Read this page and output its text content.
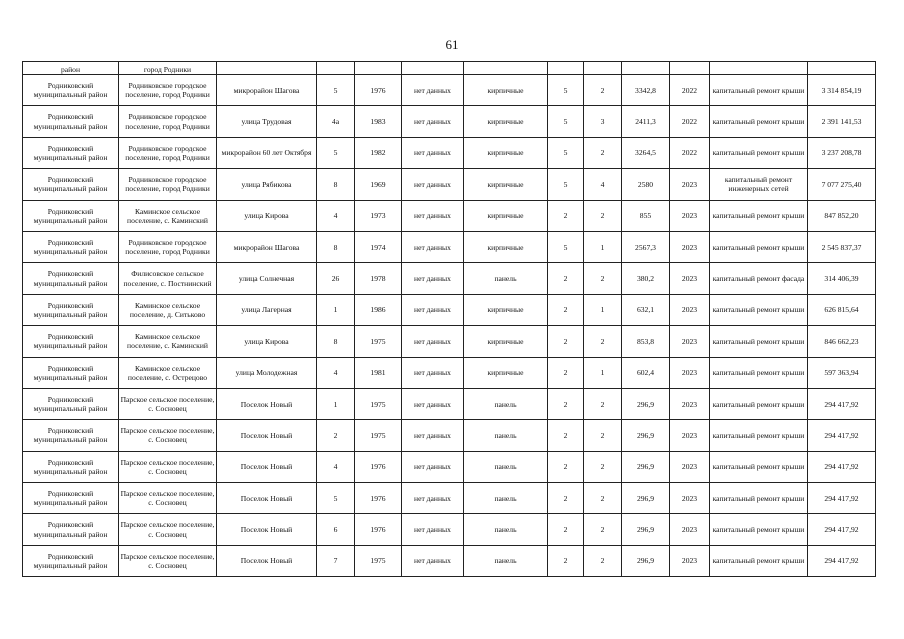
61
район	город Родники											
Родниковский муниципальный район	Родниковское городское поселение, город Родники	микрорайон Шагова	5	1976	нет данных	кирпичные	5	2	3342,8	2022	капитальный ремонт крыши	3 314 854,19
Родниковский муниципальный район	Родниковское городское поселение, город Родники	улица Трудовая	4а	1983	нет данных	кирпичные	5	3	2411,3	2022	капитальный ремонт крыши	2 391 141,53
Родниковский муниципальный район	Родниковское городское поселение, город Родники	микрорайон 60 лет Октября	5	1982	нет данных	кирпичные	5	2	3264,5	2022	капитальный ремонт крыши	3 237 208,78
Родниковский муниципальный район	Родниковское городское поселение, город Родники	улица Рябикова	8	1969	нет данных	кирпичные	5	4	2580	2023	капитальный ремонт инженерных сетей	7 077 275,40
Родниковский муниципальный район	Каминское сельское поселение, с. Каминский	улица Кирова	4	1973	нет данных	кирпичные	2	2	855	2023	капитальный ремонт крыши	847 852,20
Родниковский муниципальный район	Родниковское городское поселение, город Родники	микрорайон Шагова	8	1974	нет данных	кирпичные	5	1	2567,3	2023	капитальный ремонт крыши	2 545 837,37
Родниковский муниципальный район	Филисовское сельское поселение, с. Постнинский	улица Солнечная	26	1978	нет данных	панель	2	2	380,2	2023	капитальный ремонт фасада	314 406,39
Родниковский муниципальный район	Каминское сельское поселение, д. Ситьково	улица Лагерная	1	1986	нет данных	кирпичные	2	1	632,1	2023	капитальный ремонт крыши	626 815,64
Родниковский муниципальный район	Каминское сельское поселение, с. Каминский	улица Кирова	8	1975	нет данных	кирпичные	2	2	853,8	2023	капитальный ремонт крыши	846 662,23
Родниковский муниципальный район	Каминское сельское поселение, с. Острецово	улица Молодежная	4	1981	нет данных	кирпичные	2	1	602,4	2023	капитальный ремонт крыши	597 363,94
Родниковский муниципальный район	Парское сельское поселение, с. Сосновец	Поселок Новый	1	1975	нет данных	панель	2	2	296,9	2023	капитальный ремонт крыши	294 417,92
Родниковский муниципальный район	Парское сельское поселение, с. Сосновец	Поселок Новый	2	1975	нет данных	панель	2	2	296,9	2023	капитальный ремонт крыши	294 417,92
Родниковский муниципальный район	Парское сельское поселение, с. Сосновец	Поселок Новый	4	1976	нет данных	панель	2	2	296,9	2023	капитальный ремонт крыши	294 417,92
Родниковский муниципальный район	Парское сельское поселение, с. Сосновец	Поселок Новый	5	1976	нет данных	панель	2	2	296,9	2023	капитальный ремонт крыши	294 417,92
Родниковский муниципальный район	Парское сельское поселение, с. Сосновец	Поселок Новый	6	1976	нет данных	панель	2	2	296,9	2023	капитальный ремонт крыши	294 417,92
Родниковский муниципальный район	Парское сельское поселение, с. Сосновец	Поселок Новый	7	1975	нет данных	панель	2	2	296,9	2023	капитальный ремонт крыши	294 417,92
